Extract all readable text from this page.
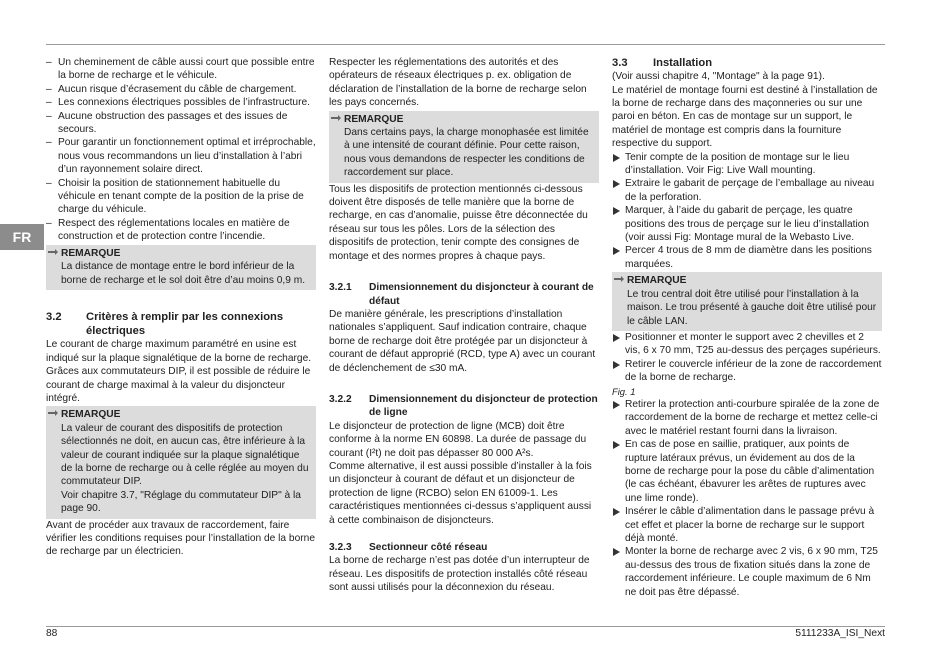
FR

– Un cheminement de câble aussi court que possible entre la borne de recharge et le véhicule.

– Aucun risque d’écrasement du câble de chargement.

– Les connexions électriques possibles de l’infrastructure.

– Aucune obstruction des passages et des issues de secours.

– Pour garantir un fonctionnement optimal et irréprochable, nous vous recommandons un lieu d’installation à l’abri d’un rayonnement solaire direct.

– Choisir la position de stationnement habituelle du véhicule en tenant compte de la position de la prise de charge du véhicule.

– Respect des réglementations locales en matière de construction et de protection contre l’incendie.

REMARQUE
La distance de montage entre le bord inférieur de la borne de recharge et le sol doit être d’au moins 0,9 m.
3.2 Critères à remplir par les connexions électriques

Le courant de charge maximum paramétré en usine est indiqué sur la plaque signalétique de la borne de recharge. Grâces aux commutateurs DIP, il est possible de réduire le courant de charge maximal à la valeur du disjoncteur intégré.

REMARQUE
La valeur de courant des dispositifs de protection sélectionnés ne doit, en aucun cas, être inférieure à la valeur de courant indiquée sur la plaque signalétique de la borne de recharge ou à celle réglée au moyen du commutateur DIP.
Voir chapitre 3.7, "Réglage du commutateur DIP" à la page 90.

Avant de procéder aux travaux de raccordement, faire vérifier les conditions requises pour l’installation de la borne de recharge par un électricien.

Respecter les réglementations des autorités et des opérateurs de réseaux électriques p. ex. obligation de déclaration de l’installation de la borne de recharge selon les pays concernés.

REMARQUE
Dans certains pays, la charge monophasée est limitée à une intensité de courant définie. Pour cette raison, nous vous demandons de respecter les conditions de raccordement sur place.

Tous les dispositifs de protection mentionnés ci-dessous doivent être disposés de telle manière que la borne de recharge, en cas d’anomalie, puisse être déconnectée du réseau sur tous les pôles. Lors de la sélection des dispositifs de protection, tenir compte des consignes de montage et des normes propres à chaque pays.

3.2.1 Dimensionnement du disjoncteur à courant de défaut

De manière générale, les prescriptions d’installation nationales s’appliquent. Sauf indication contraire, chaque borne de recharge doit être protégée par un disjoncteur à courant de défaut approprié (RCD, type A) avec un courant de déclenchement de ≤30 mA.

3.2.2 Dimensionnement du disjoncteur de protection de ligne

Le disjoncteur de protection de ligne (MCB) doit être conforme à la norme EN 60898. La durée de passage du courant (I²t) ne doit pas dépasser 80 000 A²s.

Comme alternative, il est aussi possible d’installer à la fois un disjoncteur à courant de défaut et un disjoncteur de protection de ligne (RCBO) selon EN 61009-1. Les caractéristiques mentionnées ci-dessus s’appliquent aussi à cette combinaison de disjoncteurs.

3.2.3 Sectionneur côté réseau

La borne de recharge n’est pas dotée d’un interrupteur de réseau. Les dispositifs de protection installés côté réseau sont aussi utilisés pour la déconnexion du réseau.

3.3 Installation

(Voir aussi chapitre 4, "Montage" à la page 91).

Le matériel de montage fourni est destiné à l’installation de la borne de recharge dans des maçonneries ou sur une paroi en béton. En cas de montage sur un support, le matériel de montage est compris dans la fourniture respective du support.

Tenir compte de la position de montage sur le lieu d’installation. Voir Fig: Live Wall mounting.

Extraire le gabarit de perçage de l’emballage au niveau de la perforation.

Marquer, à l’aide du gabarit de perçage, les quatre positions des trous de perçage sur le lieu d’installation (voir aussi Fig: Montage mural de la Webasto Live.

Percer 4 trous de 8 mm de diamètre dans les positions marquées.

REMARQUE
Le trou central doit être utilisé pour l’installation à la maison. Le trou présenté à gauche doit être utilisé pour le câble LAN.

Positionner et monter le support avec 2 chevilles et 2 vis, 6 x 70 mm, T25 au-dessus des perçages supérieurs.

Retirer le couvercle inférieur de la zone de raccordement de la borne de recharge.

Fig. 1

Retirer la protection anti-courbure spiralée de la zone de raccordement de la borne de recharge et mettez celle-ci avec le matériel restant fourni dans la livraison.

En cas de pose en saillie, pratiquer, aux points de rupture latéraux prévus, un évidement au dos de la borne de recharge pour la pose du câble d’alimentation (le cas échéant, ébavurer les arêtes de ruptures avec une lime ronde).

Insérer le câble d’alimentation dans le passage prévu à cet effet et placer la borne de recharge sur le support déjà monté.

Monter la borne de recharge avec 2 vis, 6 x 90 mm, T25 au-dessus des trous de fixation situés dans la zone de raccordement inférieure. Le couple maximum de 6 Nm ne doit pas être dépassé.

88	5111233A_ISI_Next
